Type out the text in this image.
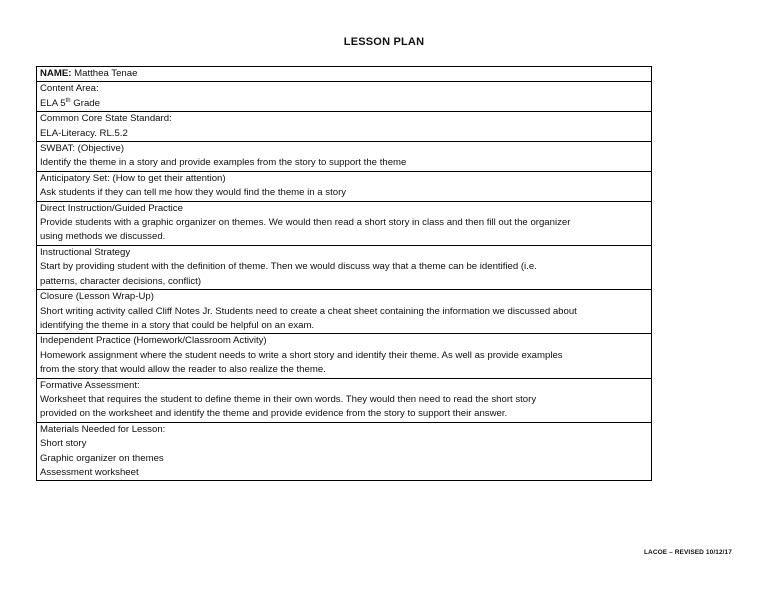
LESSON PLAN
NAME: Matthea Tenae

Content Area:
ELA 5th Grade

Common Core State Standard:
ELA-Literacy. RL.5.2

SWBAT: (Objective)
Identify the theme in a story and provide examples from the story to support the theme

Anticipatory Set: (How to get their attention)
Ask students if they can tell me how they would find the theme in a story

Direct Instruction/Guided Practice
Provide students with a graphic organizer on themes. We would then read a short story in class and then fill out the organizer
using methods we discussed.

Instructional Strategy
Start by providing student with the definition of theme. Then we would discuss way that a theme can be identified (i.e.
patterns, character decisions, conflict)

Closure (Lesson Wrap-Up)
Short writing activity called Cliff Notes Jr. Students need to create a cheat sheet containing the information we discussed about
identifying the theme in a story that could be helpful on an exam.

Independent Practice (Homework/Classroom Activity)
Homework assignment where the student needs to write a short story and identify their theme. As well as provide examples
from the story that would allow the reader to also realize the theme.

Formative Assessment:
Worksheet that requires the student to define theme in their own words. They would then need to read the short story
provided on the worksheet and identify the theme and provide evidence from the story to support their answer.

Materials Needed for Lesson:
Short story
Graphic organizer on themes
Assessment worksheet
LACOE – REVISED 10/12/17
